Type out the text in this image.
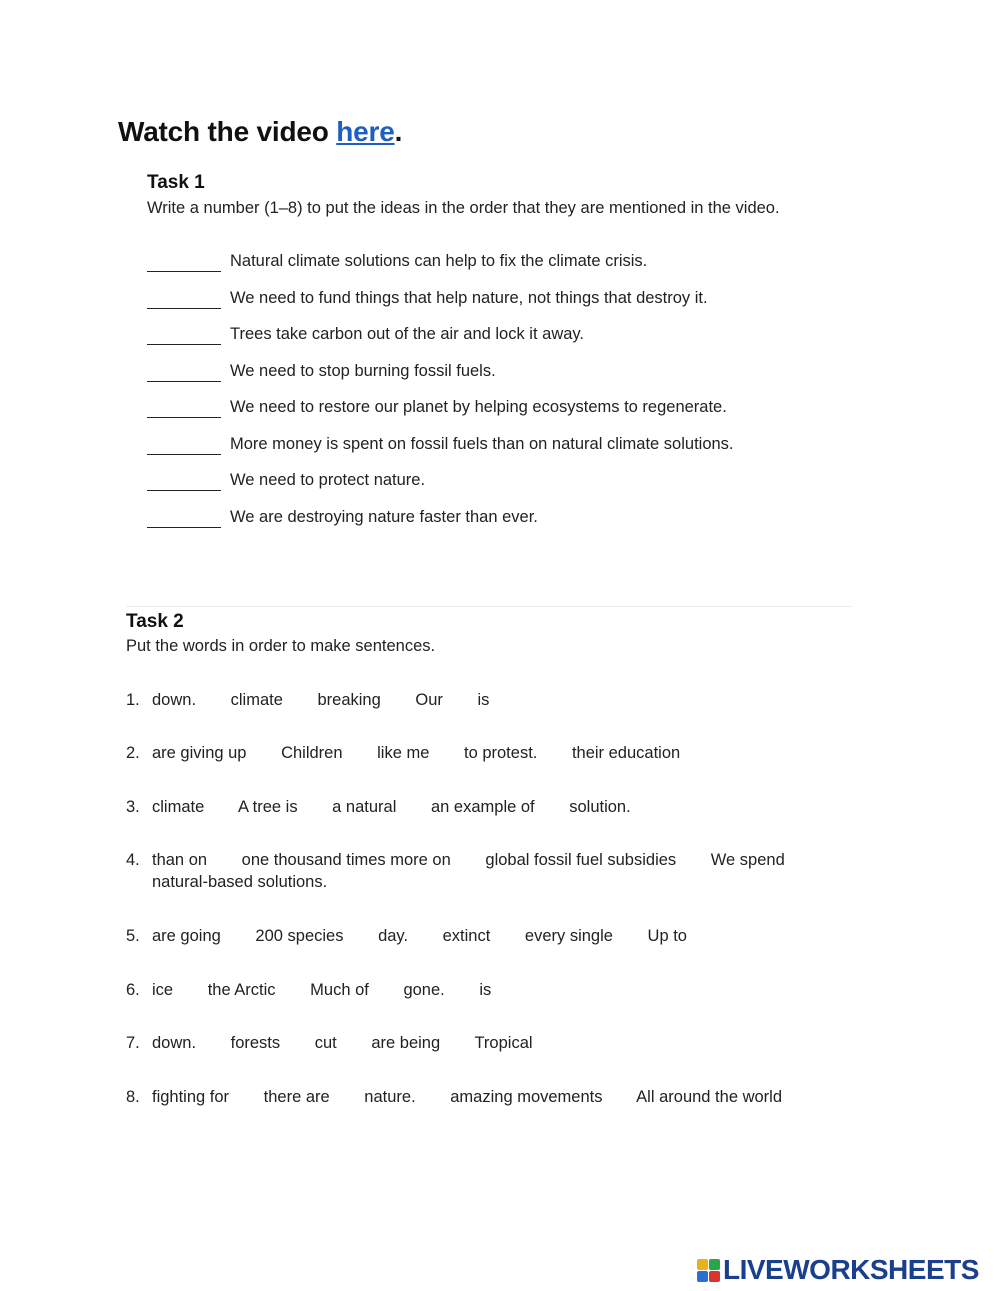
Watch the video here.
Task 1
Write a number (1–8) to put the ideas in the order that they are mentioned in the video.
Natural climate solutions can help to fix the climate crisis.
We need to fund things that help nature, not things that destroy it.
Trees take carbon out of the air and lock it away.
We need to stop burning fossil fuels.
We need to restore our planet by helping ecosystems to regenerate.
More money is spent on fossil fuels than on natural climate solutions.
We need to protect nature.
We are destroying nature faster than ever.
Task 2
Put the words in order to make sentences.
1. down. climate breaking Our is
2. are giving up Children like me to protest. their education
3. climate A tree is a natural an example of solution.
4. than on one thousand times more on global fossil fuel subsidies We spend
natural-based solutions.
5. are going 200 species day. extinct every single Up to
6. ice the Arctic Much of gone. is
7. down. forests cut are being Tropical
8. fighting for there are nature. amazing movements All around the world
LIVEWORKSHEETS
